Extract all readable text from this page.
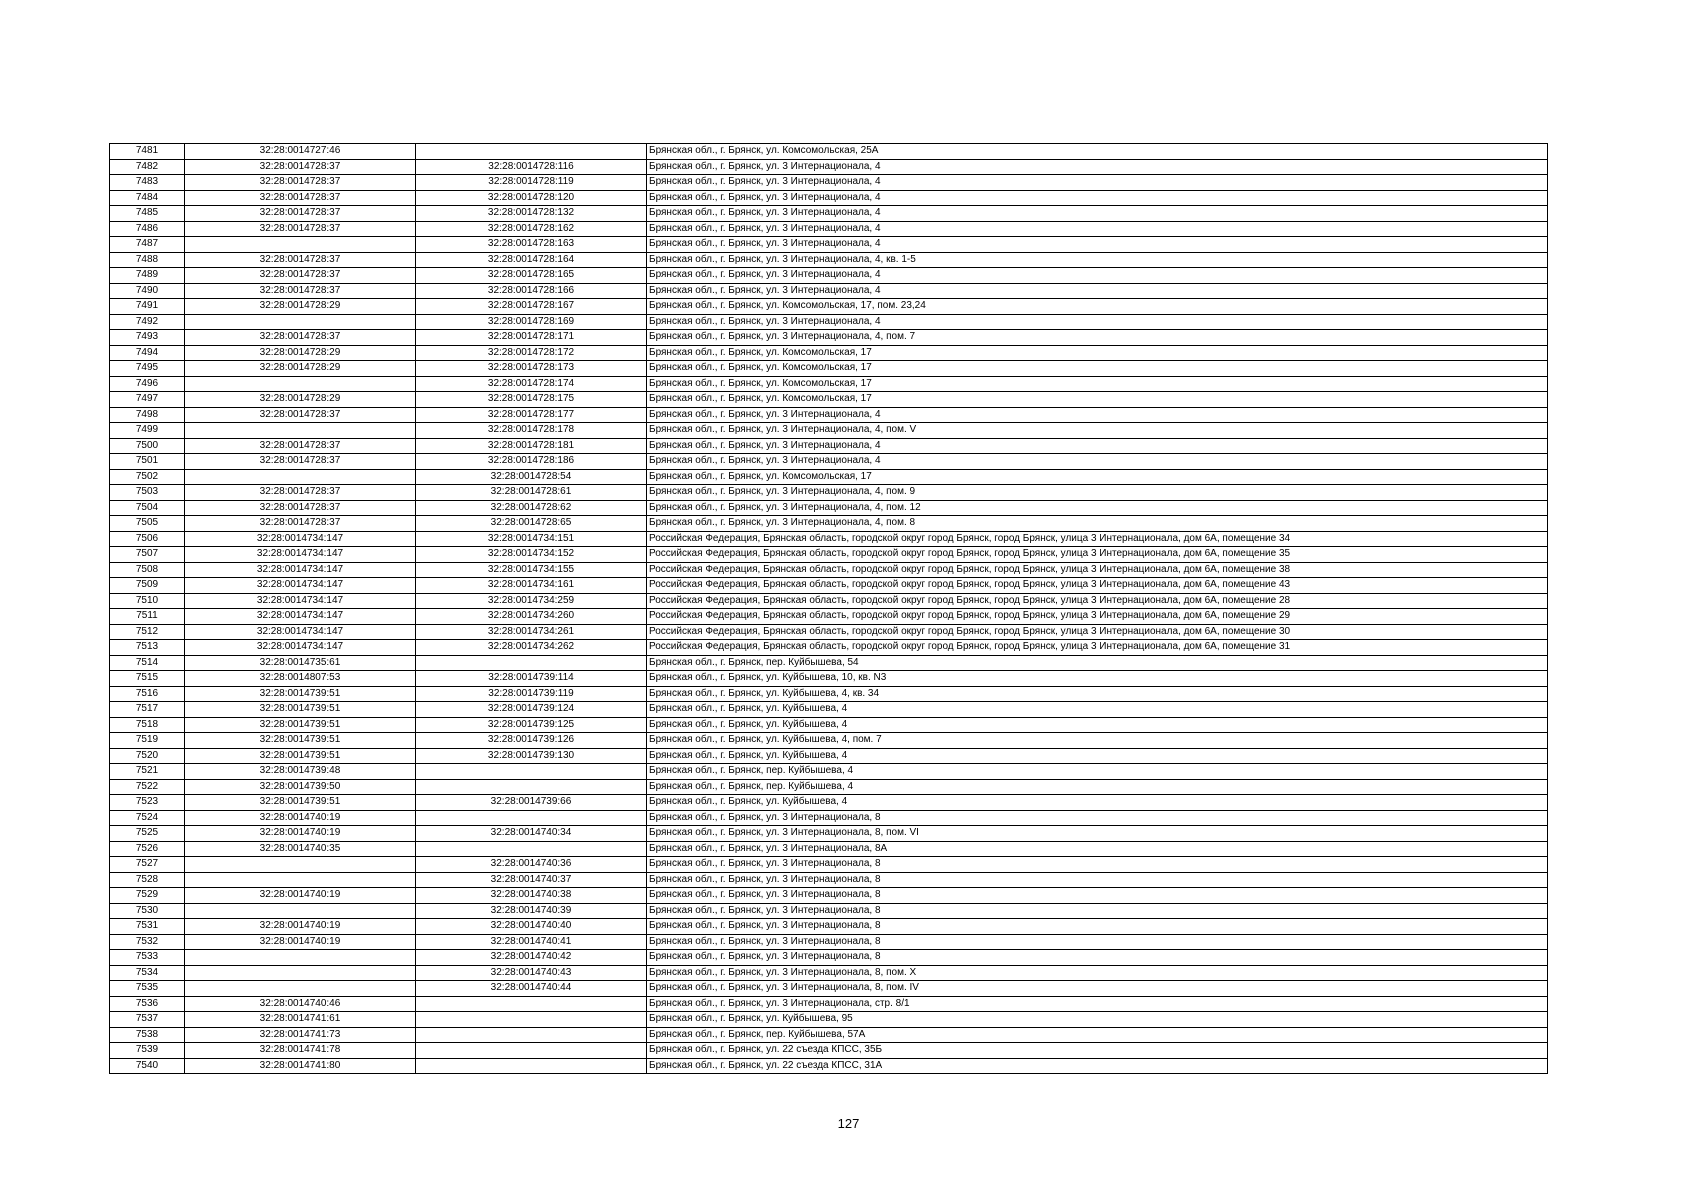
7481	32:28:0014727:46		Брянская обл., г. Брянск, ул. Комсомольская, 25А
7482	32:28:0014728:37	32:28:0014728:116	Брянская обл., г. Брянск, ул. 3 Интернационала, 4
7483	32:28:0014728:37	32:28:0014728:119	Брянская обл., г. Брянск, ул. 3 Интернационала, 4
7484	32:28:0014728:37	32:28:0014728:120	Брянская обл., г. Брянск, ул. 3 Интернационала, 4
7485	32:28:0014728:37	32:28:0014728:132	Брянская обл., г. Брянск, ул. 3 Интернационала, 4
7486	32:28:0014728:37	32:28:0014728:162	Брянская обл., г. Брянск, ул. 3 Интернационала, 4
7487		32:28:0014728:163	Брянская обл., г. Брянск, ул. 3 Интернационала, 4
7488	32:28:0014728:37	32:28:0014728:164	Брянская обл., г. Брянск, ул. 3 Интернационала, 4, кв. 1-5
7489	32:28:0014728:37	32:28:0014728:165	Брянская обл., г. Брянск, ул. 3 Интернационала, 4
7490	32:28:0014728:37	32:28:0014728:166	Брянская обл., г. Брянск, ул. 3 Интернационала, 4
7491	32:28:0014728:29	32:28:0014728:167	Брянская обл., г. Брянск, ул. Комсомольская, 17, пом. 23,24
7492		32:28:0014728:169	Брянская обл., г. Брянск, ул. 3 Интернационала, 4
7493	32:28:0014728:37	32:28:0014728:171	Брянская обл., г. Брянск, ул. 3 Интернационала, 4, пом. 7
7494	32:28:0014728:29	32:28:0014728:172	Брянская обл., г. Брянск, ул. Комсомольская, 17
7495	32:28:0014728:29	32:28:0014728:173	Брянская обл., г. Брянск, ул. Комсомольская, 17
7496		32:28:0014728:174	Брянская обл., г. Брянск, ул. Комсомольская, 17
7497	32:28:0014728:29	32:28:0014728:175	Брянская обл., г. Брянск, ул. Комсомольская, 17
7498	32:28:0014728:37	32:28:0014728:177	Брянская обл., г. Брянск, ул. 3 Интернационала, 4
7499		32:28:0014728:178	Брянская обл., г. Брянск, ул. 3 Интернационала, 4, пом. V
7500	32:28:0014728:37	32:28:0014728:181	Брянская обл., г. Брянск, ул. 3 Интернационала, 4
7501	32:28:0014728:37	32:28:0014728:186	Брянская обл., г. Брянск, ул. 3 Интернационала, 4
7502		32:28:0014728:54	Брянская обл., г. Брянск, ул. Комсомольская, 17
7503	32:28:0014728:37	32:28:0014728:61	Брянская обл., г. Брянск, ул. 3 Интернационала, 4, пом. 9
7504	32:28:0014728:37	32:28:0014728:62	Брянская обл., г. Брянск, ул. 3 Интернационала, 4, пом. 12
7505	32:28:0014728:37	32:28:0014728:65	Брянская обл., г. Брянск, ул. 3 Интернационала, 4, пом. 8
7506	32:28:0014734:147	32:28:0014734:151	Российская Федерация, Брянская область, городской округ город Брянск, город Брянск, улица 3 Интернационала, дом 6А, помещение 34
7507	32:28:0014734:147	32:28:0014734:152	Российская Федерация, Брянская область, городской округ город Брянск, город Брянск, улица 3 Интернационала, дом 6А, помещение 35
7508	32:28:0014734:147	32:28:0014734:155	Российская Федерация, Брянская область, городской округ город Брянск, город Брянск, улица 3 Интернационала, дом 6А, помещение 38
7509	32:28:0014734:147	32:28:0014734:161	Российская Федерация, Брянская область, городской округ город Брянск, город Брянск, улица 3 Интернационала, дом 6А, помещение 43
7510	32:28:0014734:147	32:28:0014734:259	Российская Федерация, Брянская область, городской округ город Брянск, город Брянск, улица 3 Интернационала, дом 6А, помещение 28
7511	32:28:0014734:147	32:28:0014734:260	Российская Федерация, Брянская область, городской округ город Брянск, город Брянск, улица 3 Интернационала, дом 6А, помещение 29
7512	32:28:0014734:147	32:28:0014734:261	Российская Федерация, Брянская область, городской округ город Брянск, город Брянск, улица 3 Интернационала, дом 6А, помещение 30
7513	32:28:0014734:147	32:28:0014734:262	Российская Федерация, Брянская область, городской округ город Брянск, город Брянск, улица 3 Интернационала, дом 6А, помещение 31
7514	32:28:0014735:61		Брянская обл., г. Брянск, пер. Куйбышева, 54
7515	32:28:0014807:53	32:28:0014739:114	Брянская обл., г. Брянск, ул. Куйбышева, 10, кв. N3
7516	32:28:0014739:51	32:28:0014739:119	Брянская обл., г. Брянск, ул. Куйбышева, 4, кв. 34
7517	32:28:0014739:51	32:28:0014739:124	Брянская обл., г. Брянск, ул. Куйбышева, 4
7518	32:28:0014739:51	32:28:0014739:125	Брянская обл., г. Брянск, ул. Куйбышева, 4
7519	32:28:0014739:51	32:28:0014739:126	Брянская обл., г. Брянск, ул. Куйбышева, 4, пом. 7
7520	32:28:0014739:51	32:28:0014739:130	Брянская обл., г. Брянск, ул. Куйбышева, 4
7521	32:28:0014739:48		Брянская обл., г. Брянск, пер. Куйбышева, 4
7522	32:28:0014739:50		Брянская обл., г. Брянск, пер. Куйбышева, 4
7523	32:28:0014739:51	32:28:0014739:66	Брянская обл., г. Брянск, ул. Куйбышева, 4
7524	32:28:0014740:19		Брянская обл., г. Брянск, ул. 3 Интернационала, 8
7525	32:28:0014740:19	32:28:0014740:34	Брянская обл., г. Брянск, ул. 3 Интернационала, 8, пом. VI
7526	32:28:0014740:35		Брянская обл., г. Брянск, ул. 3 Интернационала, 8А
7527		32:28:0014740:36	Брянская обл., г. Брянск, ул. 3 Интернационала, 8
7528		32:28:0014740:37	Брянская обл., г. Брянск, ул. 3 Интернационала, 8
7529	32:28:0014740:19	32:28:0014740:38	Брянская обл., г. Брянск, ул. 3 Интернационала, 8
7530		32:28:0014740:39	Брянская обл., г. Брянск, ул. 3 Интернационала, 8
7531	32:28:0014740:19	32:28:0014740:40	Брянская обл., г. Брянск, ул. 3 Интернационала, 8
7532	32:28:0014740:19	32:28:0014740:41	Брянская обл., г. Брянск, ул. 3 Интернационала, 8
7533		32:28:0014740:42	Брянская обл., г. Брянск, ул. 3 Интернационала, 8
7534		32:28:0014740:43	Брянская обл., г. Брянск, ул. 3 Интернационала, 8, пом. X
7535		32:28:0014740:44	Брянская обл., г. Брянск, ул. 3 Интернационала, 8, пом. IV
7536	32:28:0014740:46		Брянская обл., г. Брянск, ул. 3 Интернационала, стр. 8/1
7537	32:28:0014741:61		Брянская обл., г. Брянск, ул. Куйбышева, 95
7538	32:28:0014741:73		Брянская обл., г. Брянск, пер. Куйбышева, 57А
7539	32:28:0014741:78		Брянская обл., г. Брянск, ул. 22 съезда КПСС, 35Б
7540	32:28:0014741:80		Брянская обл., г. Брянск, ул. 22 съезда КПСС, 31А
127
